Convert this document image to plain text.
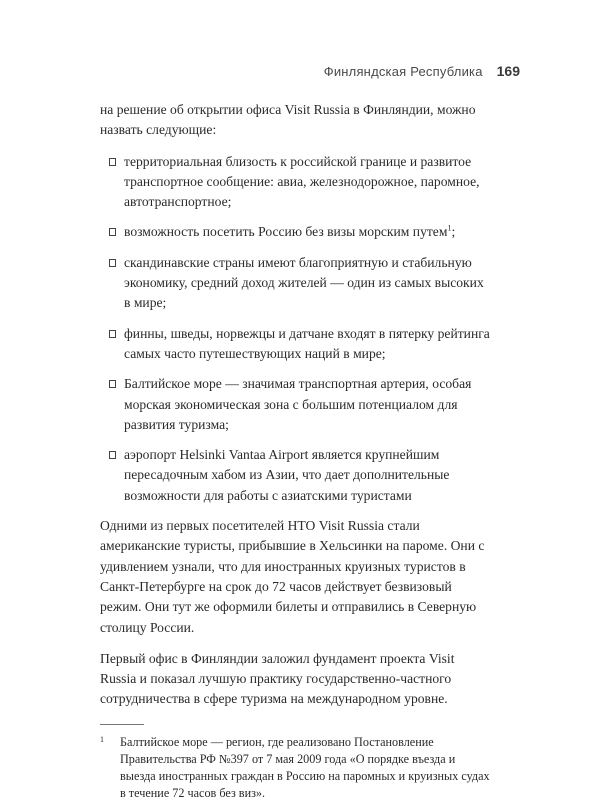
Финляндская Республика 169

на решение об открытии офиса Visit Russia в Финляндии, можно назвать следующие:

территориальная близость к российской границе и развитое транспортное сообщение: авиа, железнодорожное, паромное, автотранспортное;
возможность посетить Россию без визы морским путем$^1$;
скандинавские страны имеют благоприятную и стабильную экономику, средний доход жителей — один из самых высоких в мире;
финны, шведы, норвежцы и датчане входят в пятерку рейтинга самых часто путешествующих наций в мире;
Балтийское море — значимая транспортная артерия, особая морская экономическая зона с большим потенциалом для развития туризма;
аэропорт Helsinki Vantaa Airport является крупнейшим пересадочным хабом из Азии, что дает дополнительные возможности для работы с азиатскими туристами

Одними из первых посетителей НТО Visit Russia стали американские туристы, прибывшие в Хельсинки на пароме. Они с удивлением узнали, что для иностранных круизных туристов в Санкт-Петербурге на срок до 72 часов действует безвизовый режим. Они тут же оформили билеты и отправились в Северную столицу России.

Первый офис в Финляндии заложил фундамент проекта Visit Russia и показал лучшую практику государственно-частного сотрудничества в сфере туризма на международном уровне.

1 Балтийское море — регион, где реализовано Постановление Правительства РФ №397 от 7 мая 2009 года «О порядке въезда и выезда иностранных граждан в Россию на паромных и круизных судах в течение 72 часов без виз».
